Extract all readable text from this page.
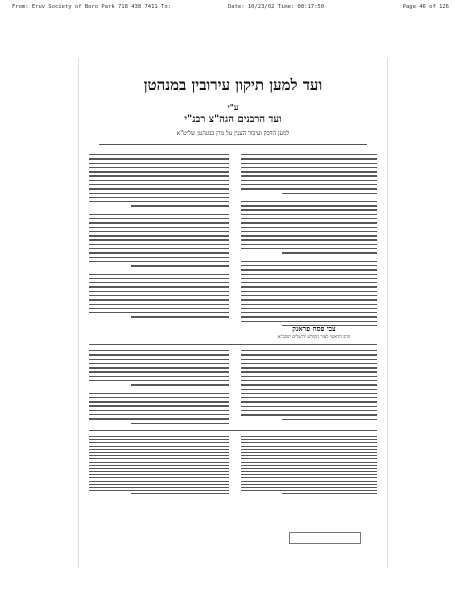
From: Eruv Society of Boro Park 718 438 7411 To:	Date: 10/23/02 Time: 08:17:50	Page 46 of 126
ועד למען תיקון עירובין במנהטן
ע"י
ועד הרבנים הגה"צ רבנ"י
למען הדבק ועיבוד הענין על מרן במנהטן שליט"א
צבי פסח פראנק
הרב הראשי לעיר הקודש ירושלים תובב"א
